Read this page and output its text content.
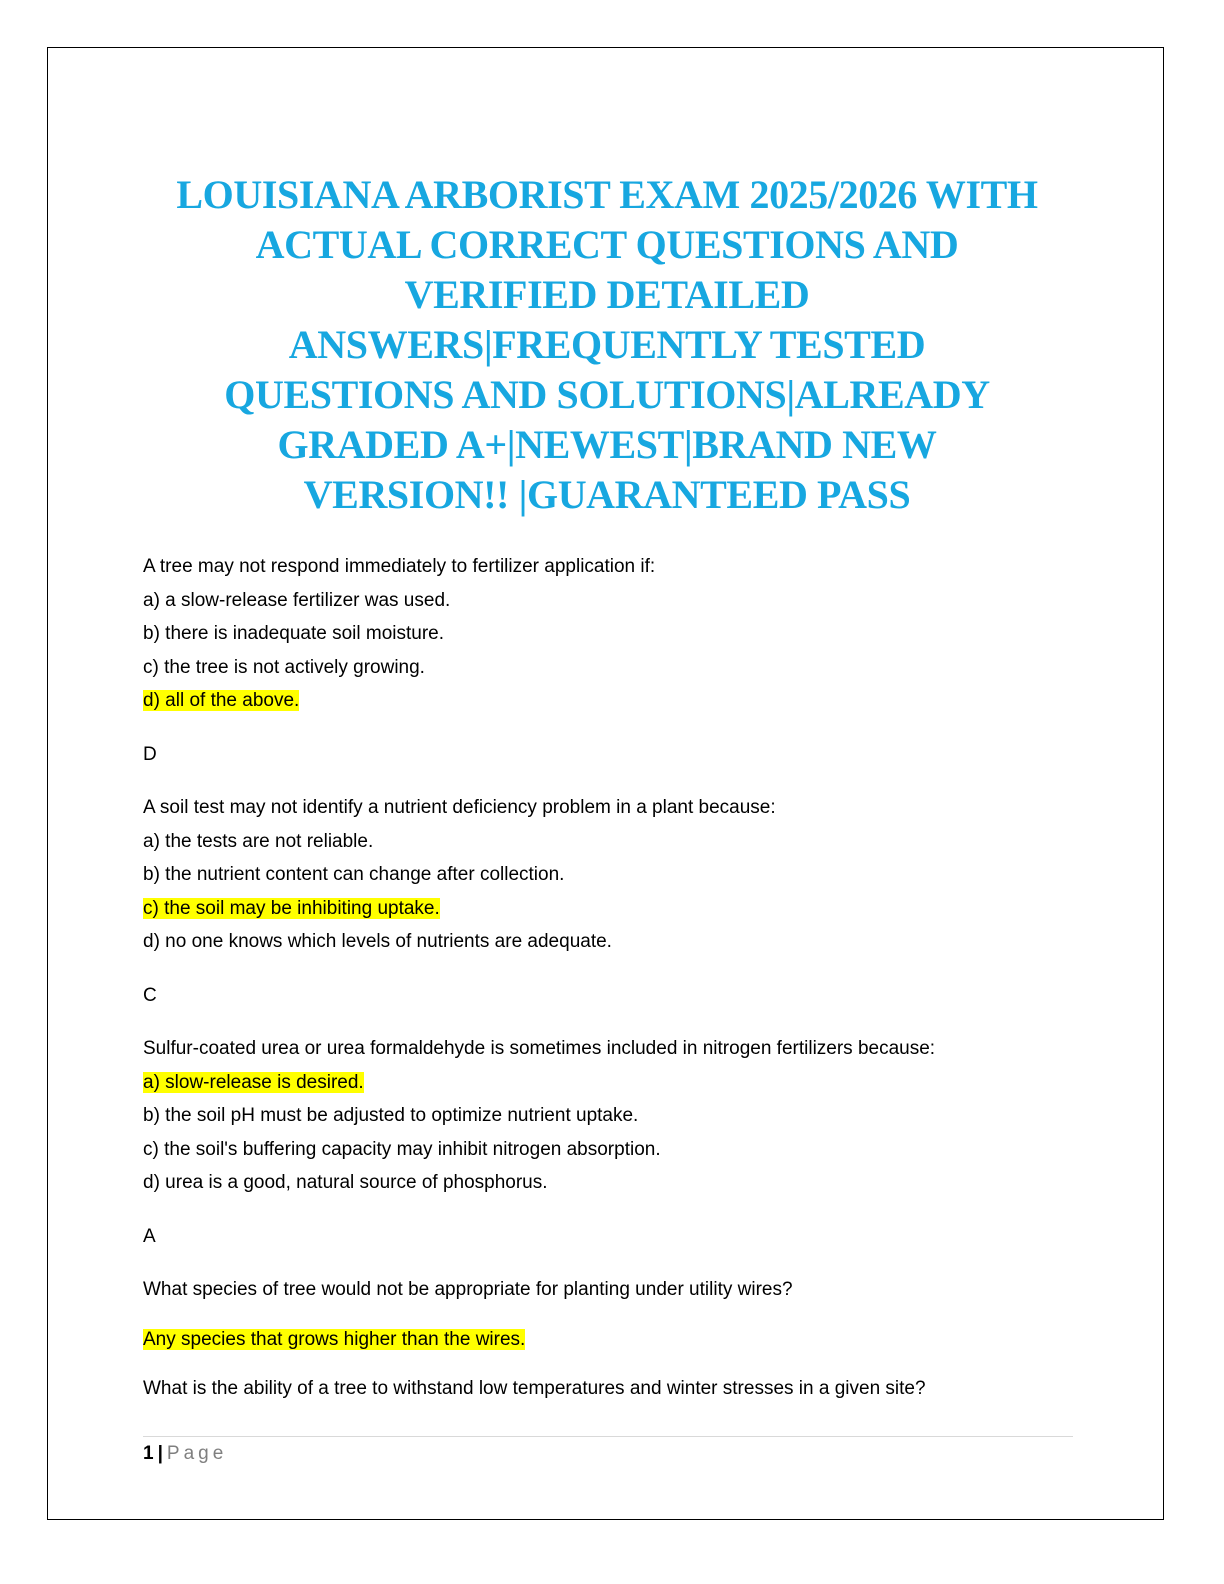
LOUISIANA ARBORIST EXAM 2025/2026 WITH
ACTUAL CORRECT QUESTIONS AND
VERIFIED DETAILED
ANSWERS|FREQUENTLY TESTED
QUESTIONS AND SOLUTIONS|ALREADY
GRADED A+|NEWEST|BRAND NEW
VERSION!! |GUARANTEED PASS
A tree may not respond immediately to fertilizer application if:
a) a slow-release fertilizer was used.
b) there is inadequate soil moisture.
c) the tree is not actively growing.
d) all of the above.
D
A soil test may not identify a nutrient deficiency problem in a plant because:
a) the tests are not reliable.
b) the nutrient content can change after collection.
c) the soil may be inhibiting uptake.
d) no one knows which levels of nutrients are adequate.
C
Sulfur-coated urea or urea formaldehyde is sometimes included in nitrogen fertilizers because:
a) slow-release is desired.
b) the soil pH must be adjusted to optimize nutrient uptake.
c) the soil's buffering capacity may inhibit nitrogen absorption.
d) urea is a good, natural source of phosphorus.
A
What species of tree would not be appropriate for planting under utility wires?
Any species that grows higher than the wires.
What is the ability of a tree to withstand low temperatures and winter stresses in a given site?
1 | Page
